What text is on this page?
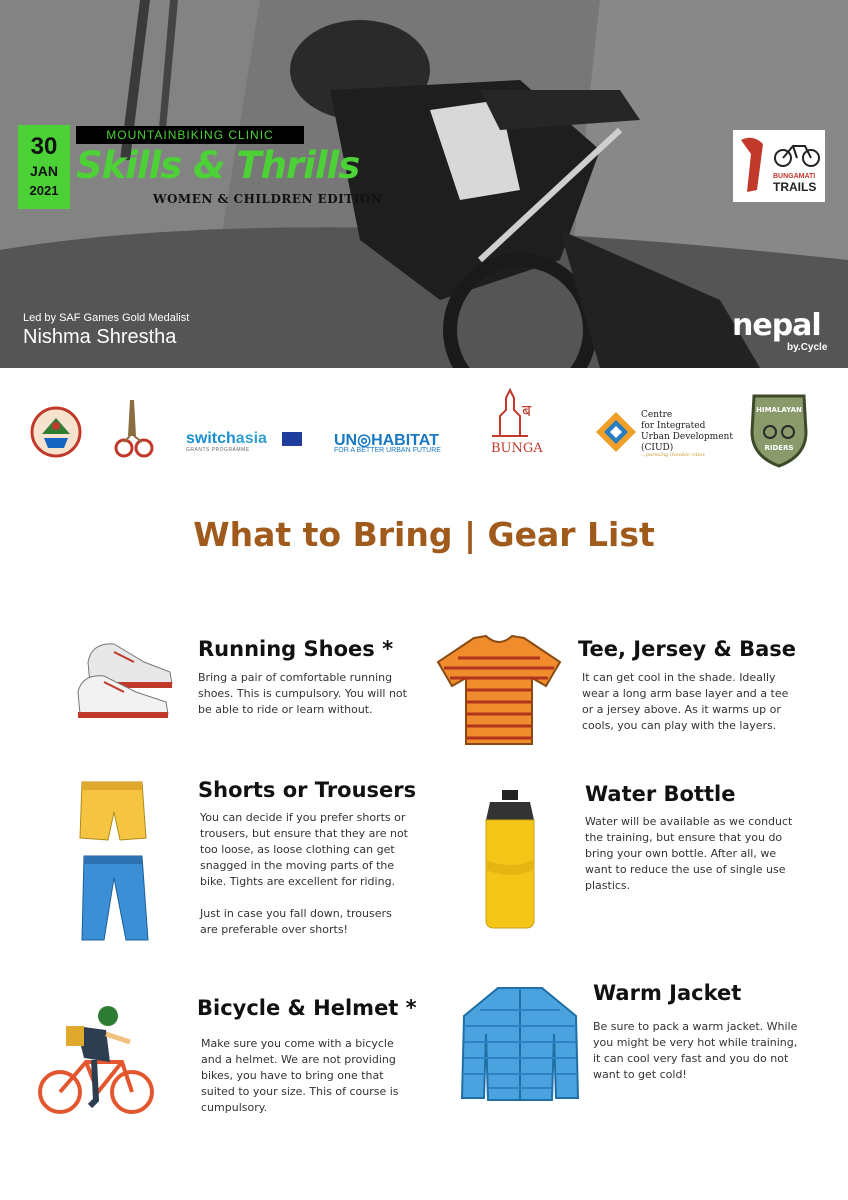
30
JAN
2021
MOUNTAINBIKING CLINIC
Skills & Thrills
WOMEN & CHILDREN EDITION
Led by SAF Games Gold Medalist
Nishma Shrestha
BUNGAMATI
TRAILS
nepal
by.Cycle
switchasia
GRANTS PROGRAMME
UN◎HABITAT
FOR A BETTER URBAN FUTURE
ब
BUNGA
Centre
for Integrated
Urban Development
(CIUD)
...pursuing liveable cities
HIMALAYAN
RIDERS
What to Bring | Gear List
Running Shoes *

Bring a pair of comfortable running shoes. This is cumpulsory. You will not be able to ride or learn without.

Tee, Jersey & Base

It can get cool in the shade. Ideally wear a long arm base layer and a tee or a jersey above. As it warms up or cools, you can play with the layers.

Shorts or Trousers

You can decide if you prefer shorts or trousers, but ensure that they are not too loose, as loose clothing can get snagged in the moving parts of the bike. Tights are excellent for riding.

Just in case you fall down, trousers are preferable over shorts!

Water Bottle

Water will be available as we conduct the training, but ensure that you do bring your own bottle. After all, we want to reduce the use of single use plastics.

Bicycle & Helmet *

Make sure you come with a bicycle and a helmet. We are not providing bikes, you have to bring one that suited to your size. This of course is cumpulsory.

Warm Jacket

Be sure to pack a warm jacket. While you might be very hot while training, it can cool very fast and you do not want to get cold!
